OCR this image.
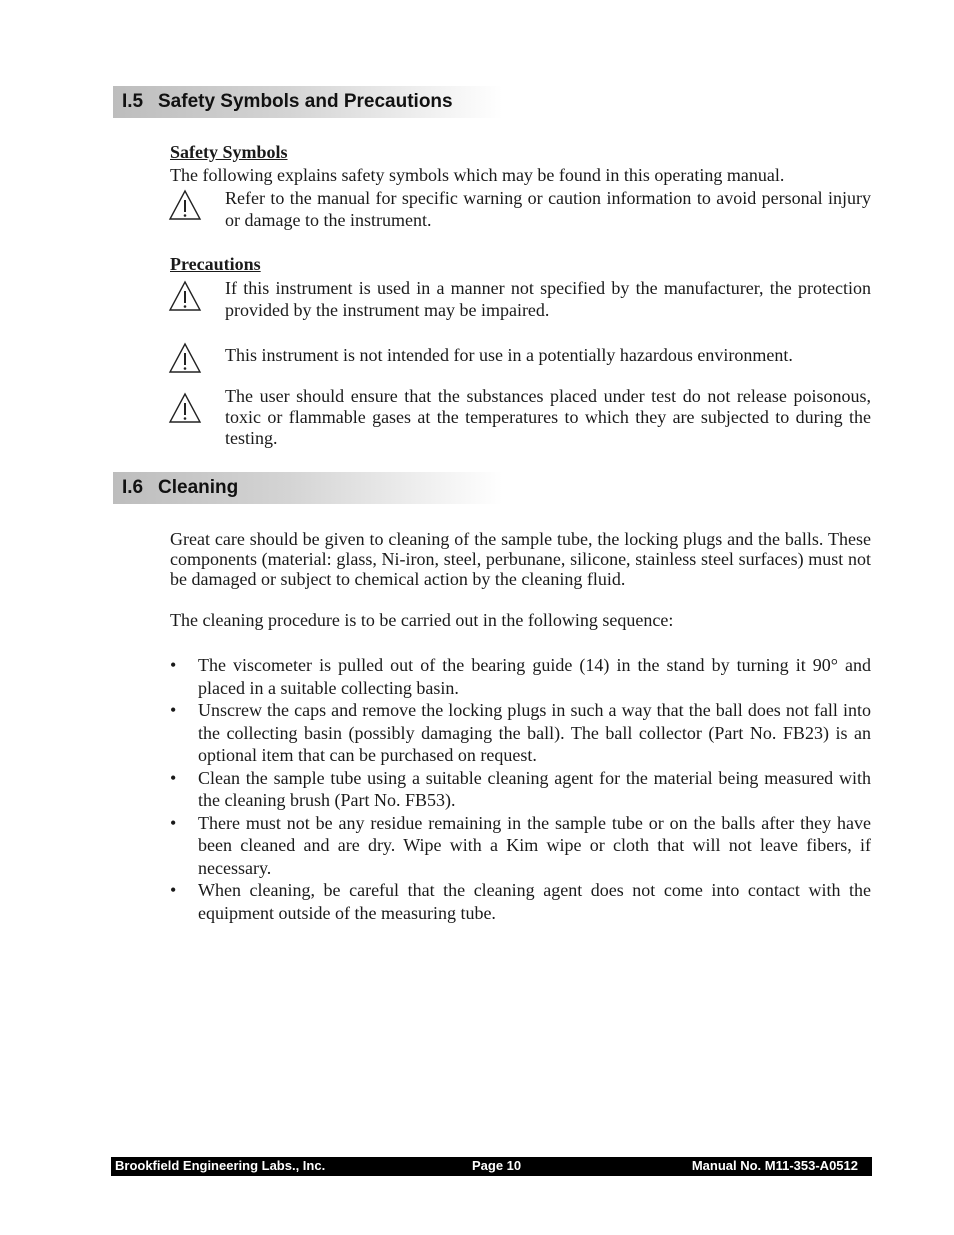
I.5 Safety Symbols and Precautions
Safety Symbols
The following explains safety symbols which may be found in this operating manual.
Refer to the manual for specific warning or caution information to avoid personal injury or damage to the instrument.
Precautions
If this instrument is used in a manner not specified by the manufacturer, the protection provided by the instrument may be impaired.
This instrument is not intended for use in a potentially hazardous environment.
The user should ensure that the substances placed under test do not release poisonous, toxic or flammable gases at the temperatures to which they are subjected to during the testing.
I.6 Cleaning
Great care should be given to cleaning of the sample tube, the locking plugs and the balls. These components (material: glass, Ni-iron, steel, perbunane, silicone, stainless steel surfaces) must not be damaged or subject to chemical action by the cleaning fluid.
The cleaning procedure is to be carried out in the following sequence:
• The viscometer is pulled out of the bearing guide (14) in the stand by turning it 90° and placed in a suitable collecting basin.
• Unscrew the caps and remove the locking plugs in such a way that the ball does not fall into the collecting basin (possibly damaging the ball). The ball collector (Part No. FB23) is an optional item that can be purchased on request.
• Clean the sample tube using a suitable cleaning agent for the material being measured with the cleaning brush (Part No. FB53).
• There must not be any residue remaining in the sample tube or on the balls after they have been cleaned and are dry. Wipe with a Kim wipe or cloth that will not leave fibers, if necessary.
• When cleaning, be careful that the cleaning agent does not come into contact with the equipment outside of the measuring tube.
Brookfield Engineering Labs., Inc.	Page 10	Manual No. M11-353-A0512
